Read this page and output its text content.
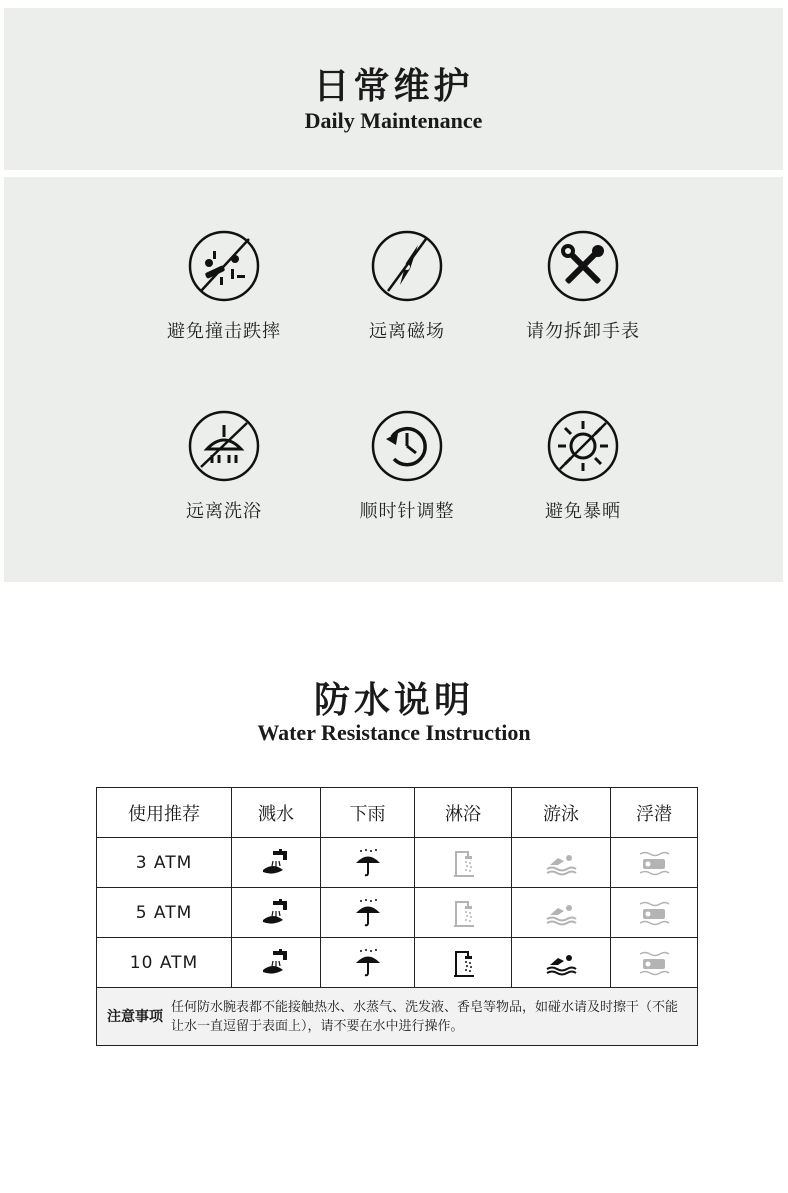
日常维护
Daily Maintenance
避免撞击跌摔	远离磁场	请勿拆卸手表
远离洗浴	顺时针调整	避免暴晒
防水说明
Water Resistance Instruction
使用推荐	溅水	下雨	淋浴	游泳	浮潜
3 ATM					
5 ATM					
10 ATM					

注意事项
任何防水腕表都不能接触热水、水蒸气、洗发液、香皂等物品，如碰水请及时擦干（不能让水一直逗留于表面上），请不要在水中进行操作。					
